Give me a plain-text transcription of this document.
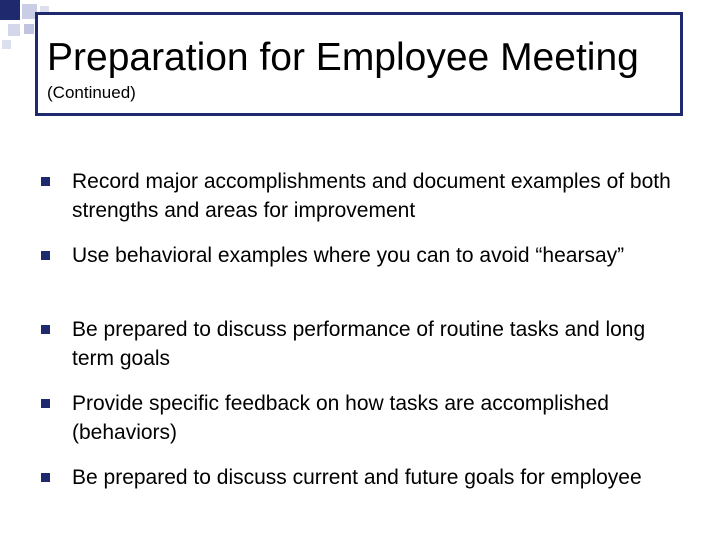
Preparation for Employee Meeting
(Continued)
Record major accomplishments and document examples of both strengths and areas for improvement
Use behavioral examples where you can to avoid “hearsay”
Be prepared to discuss performance of routine tasks and long term goals
Provide specific feedback on how tasks are accomplished (behaviors)
Be prepared to discuss current and future goals for employee
